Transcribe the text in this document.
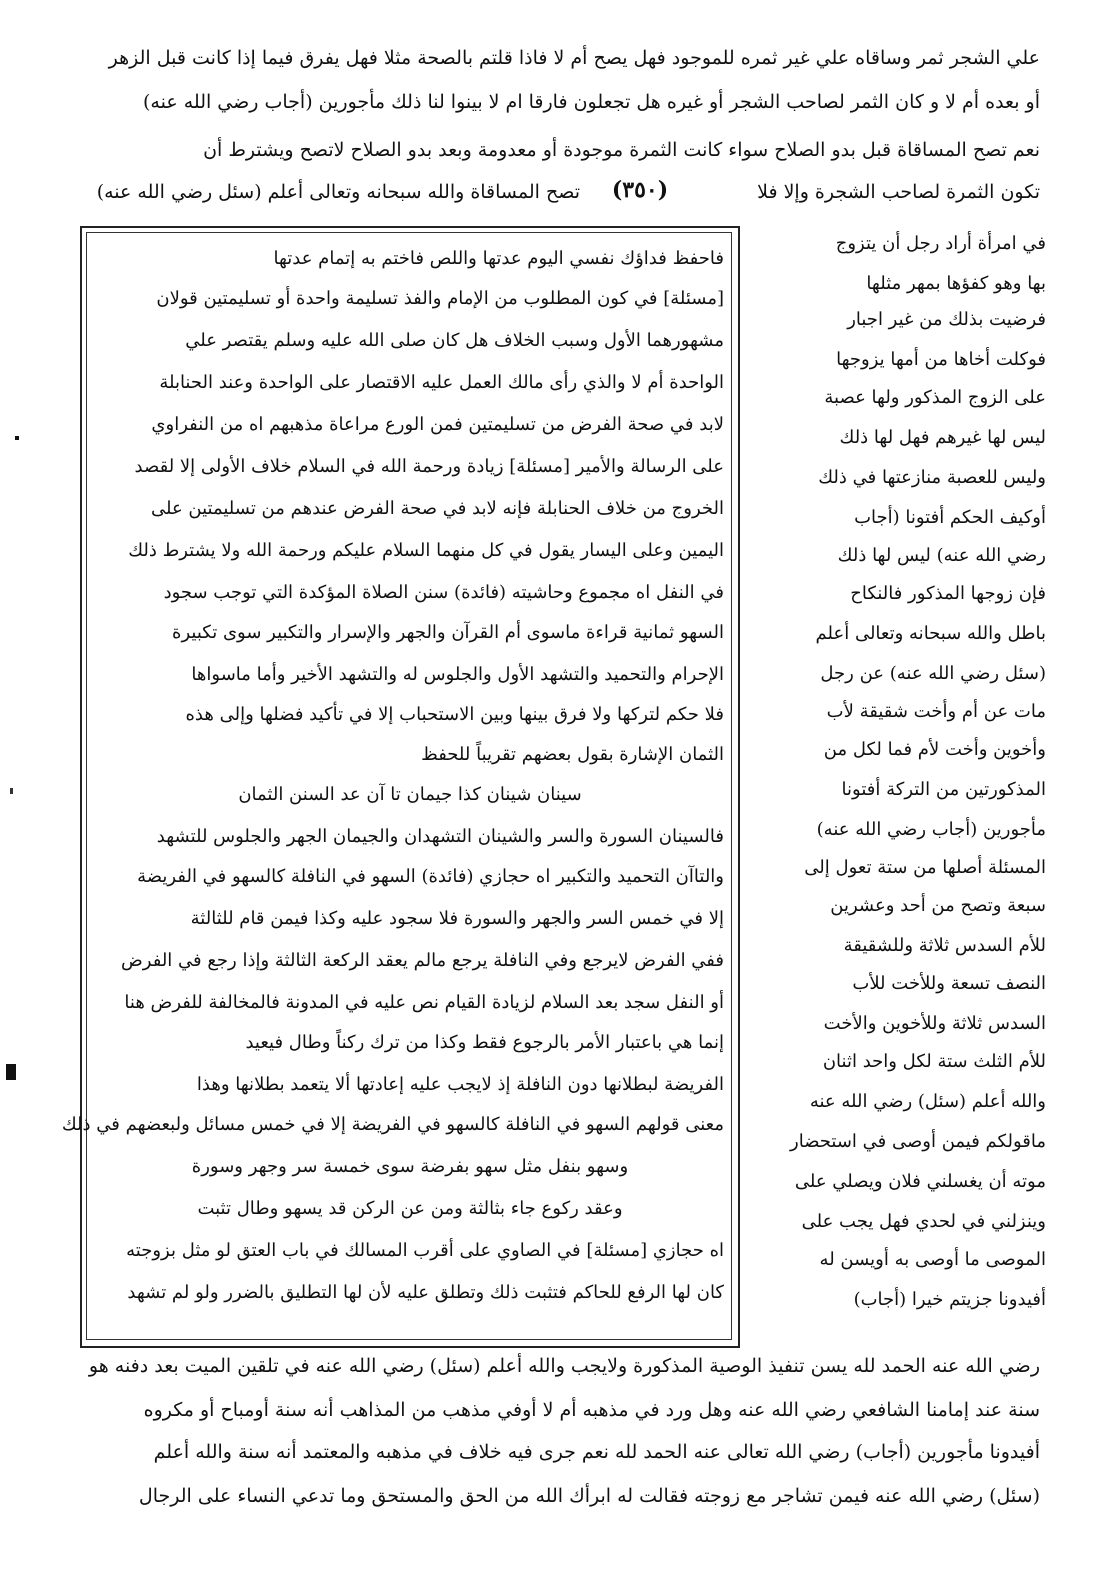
علي الشجر ثمر وساقاه علي غير ثمره للموجود فهل يصح أم لا فاذا قلتم بالصحة مثلا فهل يفرق فيما إذا كانت قبل الزهر
أو بعده أم لا و كان الثمر لصاحب الشجر أو غيره هل تجعلون فارقا ام لا بينوا لنا ذلك مأجورين (أجاب رضي الله عنه)
نعم تصح المساقاة قبل بدو الصلاح سواء كانت الثمرة موجودة أو معدومة وبعد بدو الصلاح لاتصح ويشترط أن
تكون الثمرة لصاحب الشجرة وإلا فلا
(٣٥٠)
تصح المساقاة والله سبحانه وتعالى أعلم (سئل رضي الله عنه)
فاحفظ فداؤك نفسي اليوم عدتها واللص فاختم به إتمام عدتها
[مسئلة] في كون المطلوب من الإمام والفذ تسليمة واحدة أو تسليمتين قولان
مشهورهما الأول وسبب الخلاف هل كان صلى الله عليه وسلم يقتصر علي
الواحدة أم لا والذي رأى مالك العمل عليه الاقتصار على الواحدة وعند الحنابلة
لابد في صحة الفرض من تسليمتين فمن الورع مراعاة مذهبهم اه من النفراوي
على الرسالة والأمير [مسئلة] زيادة ورحمة الله في السلام خلاف الأولى إلا لقصد
الخروج من خلاف الحنابلة فإنه لابد في صحة الفرض عندهم من تسليمتين على
اليمين وعلى اليسار يقول في كل منهما السلام عليكم ورحمة الله ولا يشترط ذلك
في النفل اه مجموع وحاشيته (فائدة) سنن الصلاة المؤكدة التي توجب سجود
السهو ثمانية قراءة ماسوى أم القرآن والجهر والإسرار والتكبير سوى تكبيرة
الإحرام والتحميد والتشهد الأول والجلوس له والتشهد الأخير وأما ماسواها
فلا حكم لتركها ولا فرق بينها وبين الاستحباب إلا في تأكيد فضلها وإلى هذه
الثمان الإشارة بقول بعضهم تقريباً للحفظ
سينان شينان كذا جيمان تا آن عد السنن الثمان
فالسينان السورة والسر والشينان التشهدان والجيمان الجهر والجلوس للتشهد
والتاآن التحميد والتكبير اه حجازي (فائدة) السهو في النافلة كالسهو في الفريضة
إلا في خمس السر والجهر والسورة فلا سجود عليه وكذا فيمن قام للثالثة
ففي الفرض لايرجع وفي النافلة يرجع مالم يعقد الركعة الثالثة وإذا رجع في الفرض
أو النفل سجد بعد السلام لزيادة القيام نص عليه في المدونة فالمخالفة للفرض هنا
إنما هي باعتبار الأمر بالرجوع فقط وكذا من ترك ركناً وطال فيعيد
الفريضة لبطلانها دون النافلة إذ لايجب عليه إعادتها ألا يتعمد بطلانها وهذا
معنى قولهم السهو في النافلة كالسهو في الفريضة إلا في خمس مسائل ولبعضهم في ذلك
وسهو بنفل مثل سهو بفرضة سوى خمسة سر وجهر وسورة
وعقد ركوع جاء بثالثة ومن عن الركن قد يسهو وطال تثبت
اه حجازي [مسئلة] في الصاوي على أقرب المسالك في باب العتق لو مثل بزوجته
كان لها الرفع للحاكم فتثبت ذلك وتطلق عليه لأن لها التطليق بالضرر ولو لم تشهد
في امرأة أراد رجل أن يتزوج
بها وهو كفؤها بمهر مثلها
فرضيت بذلك من غير اجبار
فوكلت أخاها من أمها يزوجها
على الزوج المذكور ولها عصبة
ليس لها غيرهم فهل لها ذلك
وليس للعصبة منازعتها في ذلك
أوكيف الحكم أفتونا (أجاب
رضي الله عنه) ليس لها ذلك
فإن زوجها المذكور فالنكاح
باطل والله سبحانه وتعالى أعلم
(سئل رضي الله عنه) عن رجل
مات عن أم وأخت شقيقة لأب
وأخوين وأخت لأم فما لكل من
المذكورتين من التركة أفتونا
مأجورين (أجاب رضي الله عنه)
المسئلة أصلها من ستة تعول إلى
سبعة وتصح من أحد وعشرين
للأم السدس ثلاثة وللشقيقة
النصف تسعة وللأخت للأب
السدس ثلاثة وللأخوين والأخت
للأم الثلث ستة لكل واحد اثنان
والله أعلم (سئل) رضي الله عنه
ماقولكم فيمن أوصى في استحضار
موته أن يغسلني فلان ويصلي على
وينزلني في لحدي فهل يجب على
الموصى ما أوصى به أويسن له
أفيدونا جزيتم خيرا (أجاب)
رضي الله عنه الحمد لله يسن تنفيذ الوصية المذكورة ولايجب والله أعلم (سئل) رضي الله عنه في تلقين الميت بعد دفنه هو
سنة عند إمامنا الشافعي رضي الله عنه وهل ورد في مذهبه أم لا أوفي مذهب من المذاهب أنه سنة أومباح أو مكروه
أفيدونا مأجورين (أجاب) رضي الله تعالى عنه الحمد لله نعم جرى فيه خلاف في مذهبه والمعتمد أنه سنة والله أعلم
(سئل) رضي الله عنه فيمن تشاجر مع زوجته فقالت له ابرأك الله من الحق والمستحق وما تدعي النساء على الرجال
